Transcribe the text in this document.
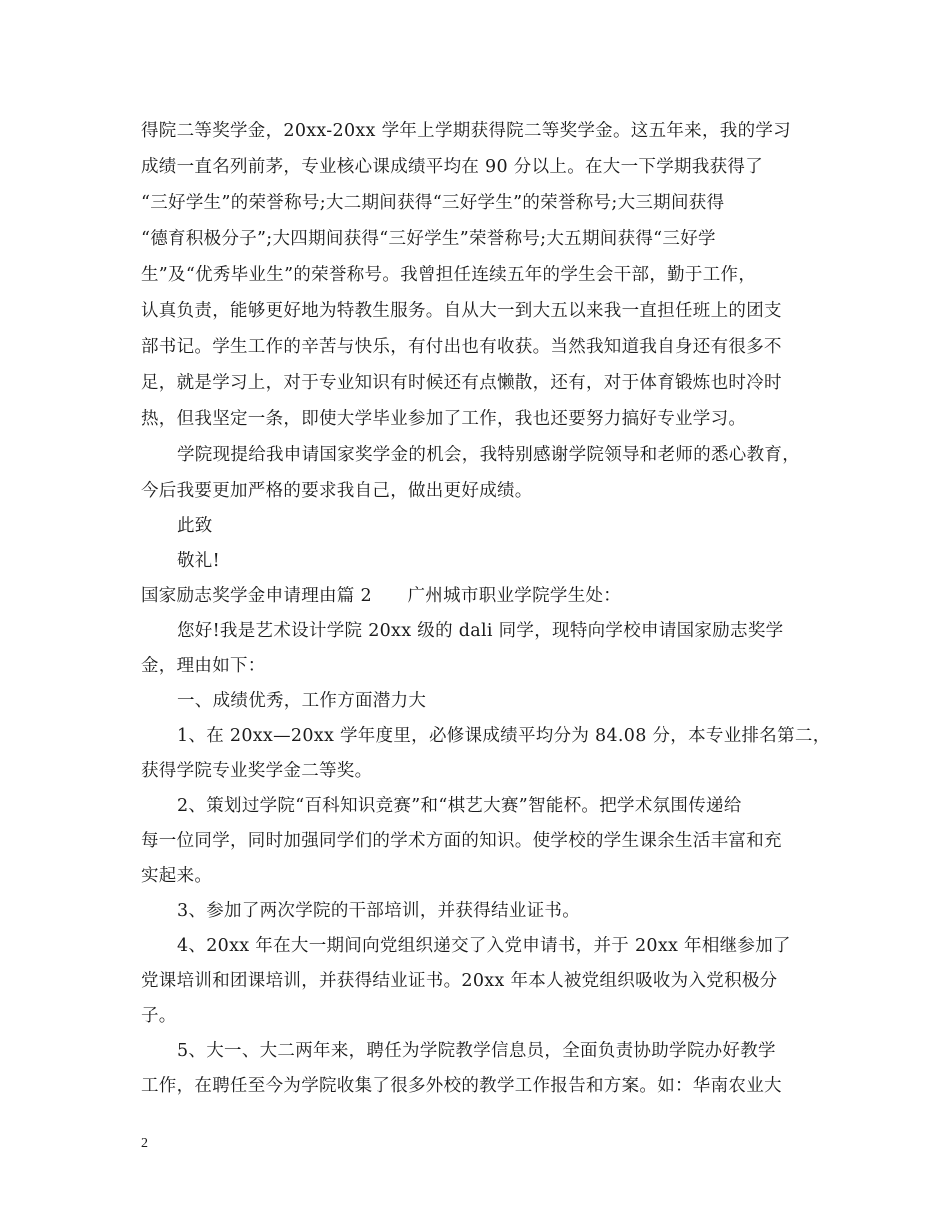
得院二等奖学金，20xx-20xx 学年上学期获得院二等奖学金。这五年来，我的学习
成绩一直名列前茅，专业核心课成绩平均在 90 分以上。在大一下学期我获得了
“三好学生”的荣誉称号;大二期间获得“三好学生”的荣誉称号;大三期间获得
“德育积极分子”;大四期间获得“三好学生”荣誉称号;大五期间获得“三好学
生”及“优秀毕业生”的荣誉称号。我曾担任连续五年的学生会干部，勤于工作，
认真负责，能够更好地为特教生服务。自从大一到大五以来我一直担任班上的团支
部书记。学生工作的辛苦与快乐，有付出也有收获。当然我知道我自身还有很多不
足，就是学习上，对于专业知识有时候还有点懒散，还有，对于体育锻炼也时冷时
热，但我坚定一条，即使大学毕业参加了工作，我也还要努力搞好专业学习。
学院现提给我申请国家奖学金的机会，我特别感谢学院领导和老师的悉心教育，
今后我要更加严格的要求我自己，做出更好成绩。
此致
敬礼!
国家励志奖学金申请理由篇 2　　广州城市职业学院学生处：
您好!我是艺术设计学院 20xx 级的 dali 同学，现特向学校申请国家励志奖学
金，理由如下：
一、成绩优秀，工作方面潜力大
1、在 20xx—20xx 学年度里，必修课成绩平均分为 84.08 分，本专业排名第二，
获得学院专业奖学金二等奖。
2、策划过学院“百科知识竞赛”和“棋艺大赛”智能杯。把学术氛围传递给
每一位同学，同时加强同学们的学术方面的知识。使学校的学生课余生活丰富和充
实起来。
3、参加了两次学院的干部培训，并获得结业证书。
4、20xx 年在大一期间向党组织递交了入党申请书，并于 20xx 年相继参加了
党课培训和团课培训，并获得结业证书。20xx 年本人被党组织吸收为入党积极分
子。
5、大一、大二两年来，聘任为学院教学信息员，全面负责协助学院办好教学
工作，在聘任至今为学院收集了很多外校的教学工作报告和方案。如：华南农业大
2
